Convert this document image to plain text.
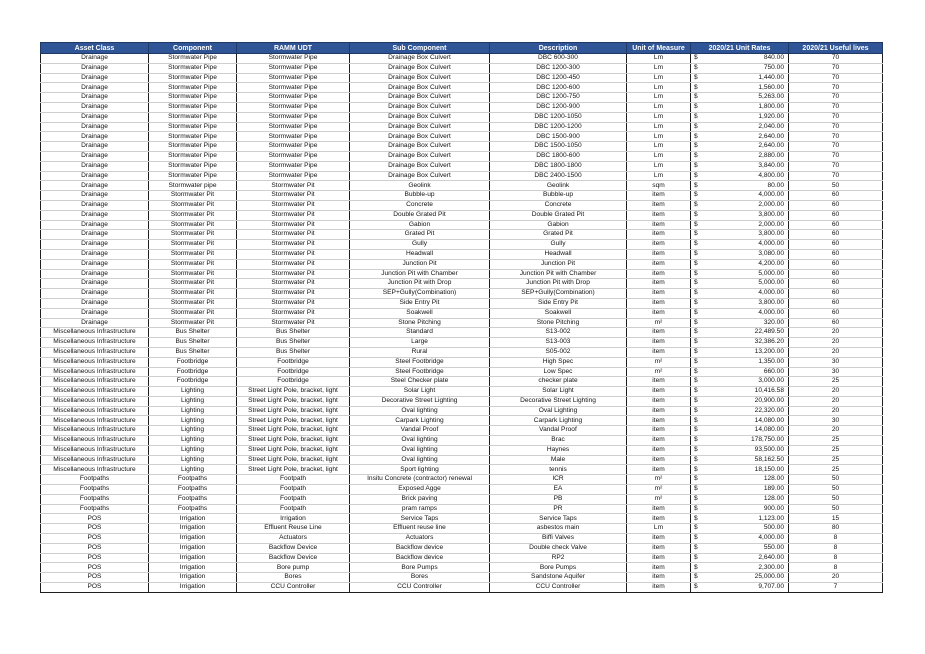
Asset Class	Component	RAMM UDT	Sub Component	Description	Unit of Measure	2020/21 Unit Rates	2020/21 Useful lives
Drainage	Stormwater Pipe	Stormwater Pipe	Drainage Box Culvert	DBC 600-300	Lm	$ 840.00	70
Drainage	Stormwater Pipe	Stormwater Pipe	Drainage Box Culvert	DBC 1200-300	Lm	$ 750.00	70
Drainage	Stormwater Pipe	Stormwater Pipe	Drainage Box Culvert	DBC 1200-450	Lm	$ 1,440.00	70
Drainage	Stormwater Pipe	Stormwater Pipe	Drainage Box Culvert	DBC 1200-600	Lm	$ 1,560.00	70
Drainage	Stormwater Pipe	Stormwater Pipe	Drainage Box Culvert	DBC 1200-750	Lm	$ 5,263.00	70
Drainage	Stormwater Pipe	Stormwater Pipe	Drainage Box Culvert	DBC 1200-900	Lm	$ 1,800.00	70
Drainage	Stormwater Pipe	Stormwater Pipe	Drainage Box Culvert	DBC 1200-1050	Lm	$ 1,920.00	70
Drainage	Stormwater Pipe	Stormwater Pipe	Drainage Box Culvert	DBC 1200-1200	Lm	$ 2,040.00	70
Drainage	Stormwater Pipe	Stormwater Pipe	Drainage Box Culvert	DBC 1500-900	Lm	$ 2,640.00	70
Drainage	Stormwater Pipe	Stormwater Pipe	Drainage Box Culvert	DBC 1500-1050	Lm	$ 2,640.00	70
Drainage	Stormwater Pipe	Stormwater Pipe	Drainage Box Culvert	DBC 1800-600	Lm	$ 2,880.00	70
Drainage	Stormwater Pipe	Stormwater Pipe	Drainage Box Culvert	DBC 1800-1800	Lm	$ 3,840.00	70
Drainage	Stormwater Pipe	Stormwater Pipe	Drainage Box Culvert	DBC 2400-1500	Lm	$ 4,800.00	70
Drainage	Stormwater pipe	Stormwater Pit	Geolink	Geolink	sqm	$ 80.00	50
Drainage	Stormwater Pit	Stormwater Pit	Bubble-up	Bubble-up	item	$ 4,000.00	60
Drainage	Stormwater Pit	Stormwater Pit	Concrete	Concrete	item	$ 2,000.00	60
Drainage	Stormwater Pit	Stormwater Pit	Double Grated Pit	Double Grated Pit	item	$ 3,800.00	60
Drainage	Stormwater Pit	Stormwater Pit	Gabion	Gabion	item	$ 2,000.00	60
Drainage	Stormwater Pit	Stormwater Pit	Grated Pit	Grated Pit	item	$ 3,800.00	60
Drainage	Stormwater Pit	Stormwater Pit	Gully	Gully	item	$ 4,000.00	60
Drainage	Stormwater Pit	Stormwater Pit	Headwall	Headwall	item	$ 3,080.00	60
Drainage	Stormwater Pit	Stormwater Pit	Junction Pit	Junction Pit	item	$ 4,200.00	60
Drainage	Stormwater Pit	Stormwater Pit	Junction Pit with Chamber	Junction Pit with Chamber	item	$ 5,000.00	60
Drainage	Stormwater Pit	Stormwater Pit	Junction Pit with Drop	Junction Pit with Drop	item	$ 5,000.00	60
Drainage	Stormwater Pit	Stormwater Pit	SEP+Gully(Combination)	SEP+Gully(Combination)	item	$ 4,000.00	60
Drainage	Stormwater Pit	Stormwater Pit	Side Entry Pit	Side Entry Pit	item	$ 3,800.00	60
Drainage	Stormwater Pit	Stormwater Pit	Soakwell	Soakwell	item	$ 4,000.00	60
Drainage	Stormwater Pit	Stormwater Pit	Stone Pitching	Stone Pitching	m²	$ 320.00	60
Miscellaneous Infrastructure	Bus Shelter	Bus Shelter	Standard	S13-002	item	$ 22,489.50	20
Miscellaneous Infrastructure	Bus Shelter	Bus Shelter	Large	S13-003	item	$ 32,386.20	20
Miscellaneous Infrastructure	Bus Shelter	Bus Shelter	Rural	S05-002	item	$ 13,200.00	20
Miscellaneous Infrastructure	Footbridge	Footbridge	Steel Footbridge	High Spec	m²	$ 1,350.00	30
Miscellaneous Infrastructure	Footbridge	Footbridge	Steel Footbridge	Low Spec	m²	$ 660.00	30
Miscellaneous Infrastructure	Footbridge	Footbridge	Steel Checker plate	checker plate	item	$ 3,000.00	25
Miscellaneous Infrastructure	Lighting	Street Light Pole, bracket, light	Solar Light	Solar Light	item	$ 10,416.58	20
Miscellaneous Infrastructure	Lighting	Street Light Pole, bracket, light	Decorative Street Lighting	Decorative Street Lighting	item	$ 20,900.00	20
Miscellaneous Infrastructure	Lighting	Street Light Pole, bracket, light	Oval lighting	Oval Lighting	item	$ 22,320.00	20
Miscellaneous Infrastructure	Lighting	Street Light Pole, bracket, light	Carpark Lighting	Carpark Lighting	item	$ 14,080.00	30
Miscellaneous Infrastructure	Lighting	Street Light Pole, bracket, light	Vandal Proof	Vandal Proof	item	$ 14,080.00	20
Miscellaneous Infrastructure	Lighting	Street Light Pole, bracket, light	Oval lighting	Brac	item	$ 178,750.00	25
Miscellaneous Infrastructure	Lighting	Street Light Pole, bracket, light	Oval lighting	Haynes	item	$ 93,500.00	25
Miscellaneous Infrastructure	Lighting	Street Light Pole, bracket, light	Oval lighting	Male	item	$ 58,162.50	25
Miscellaneous Infrastructure	Lighting	Street Light Pole, bracket, light	Sport lighting	tennis	item	$ 18,150.00	25
Footpaths	Footpaths	Footpath	Insitu Concrete (contractor) renewal	ICR	m²	$ 128.00	50
Footpaths	Footpaths	Footpath	Exposed Agge	EA	m²	$ 189.00	50
Footpaths	Footpaths	Footpath	Brick paving	PB	m²	$ 128.00	50
Footpaths	Footpaths	Footpath	pram ramps	PR	item	$ 900.00	50
POS	Irrigation	Irrigation	Service Taps	Service Taps	item	$ 1,123.00	15
POS	Irrigation	Effluent Reuse Line	Effluent reuse line	asbestos main	Lm	$ 500.00	80
POS	Irrigation	Actuators	Actuators	Biffi Valves	item	$ 4,000.00	8
POS	Irrigation	Backflow Device	Backflow device	Double check Valve	item	$ 550.00	8
POS	Irrigation	Backflow Device	Backflow device	RP2	item	$ 2,640.00	8
POS	Irrigation	Bore pump	Bore Pumps	Bore Pumps	item	$ 2,300.00	8
POS	Irrigation	Bores	Bores	Sandstone Aquifer	item	$ 25,000.00	20
POS	Irrigation	CCU Controller	CCU Controller	CCU Controller	item	$ 9,707.00	7
